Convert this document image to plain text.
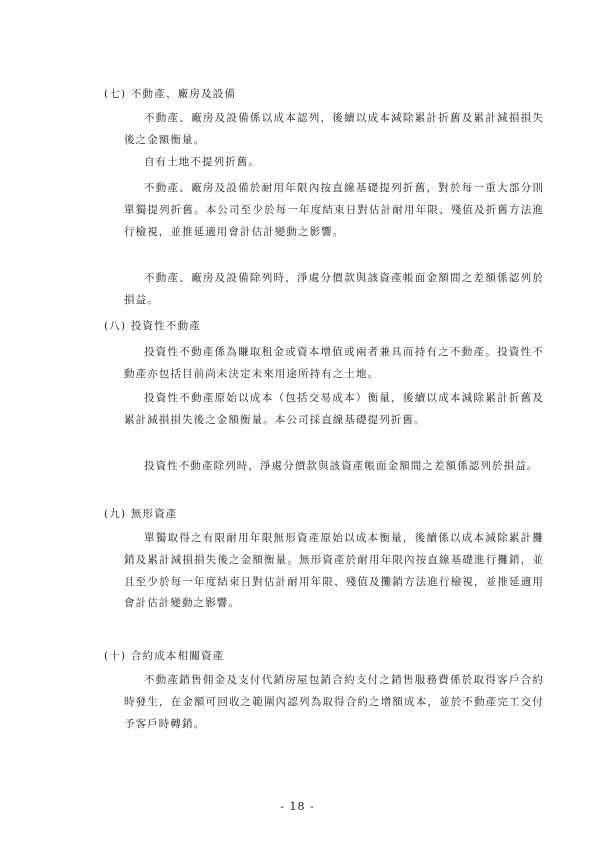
(七) 不動產、廠房及設備
不動產、廠房及設備係以成本認列，後續以成本減除累計折舊及累計減損損失後之金額衡量。
自有土地不提列折舊。
不動產、廠房及設備於耐用年限內按直線基礎提列折舊，對於每一重大部分則單獨提列折舊。本公司至少於每一年度結束日對估計耐用年限、殘值及折舊方法進行檢視，並推延適用會計估計變動之影響。
不動產、廠房及設備除列時，淨處分價款與該資產帳面金額間之差額係認列於損益。
(八) 投資性不動產
投資性不動產係為賺取租金或資本增值或兩者兼具而持有之不動產。投資性不動產亦包括目前尚未決定未來用途所持有之土地。
投資性不動產原始以成本（包括交易成本）衡量，後續以成本減除累計折舊及累計減損損失後之金額衡量。本公司採直線基礎提列折舊。
投資性不動產除列時，淨處分價款與該資產帳面金額間之差額係認列於損益。
(九) 無形資產
單獨取得之有限耐用年限無形資產原始以成本衡量，後續係以成本減除累計攤銷及累計減損損失後之金額衡量。無形資產於耐用年限內按直線基礎進行攤銷，並且至少於每一年度結束日對估計耐用年限、殘值及攤銷方法進行檢視，並推延適用會計估計變動之影響。
(十) 合約成本相關資產
不動產銷售佣金及支付代銷房屋包銷合約支付之銷售服務費係於取得客戶合約時發生，在金額可回收之範圍內認列為取得合約之增額成本，並於不動產完工交付予客戶時轉銷。
- 18 -
